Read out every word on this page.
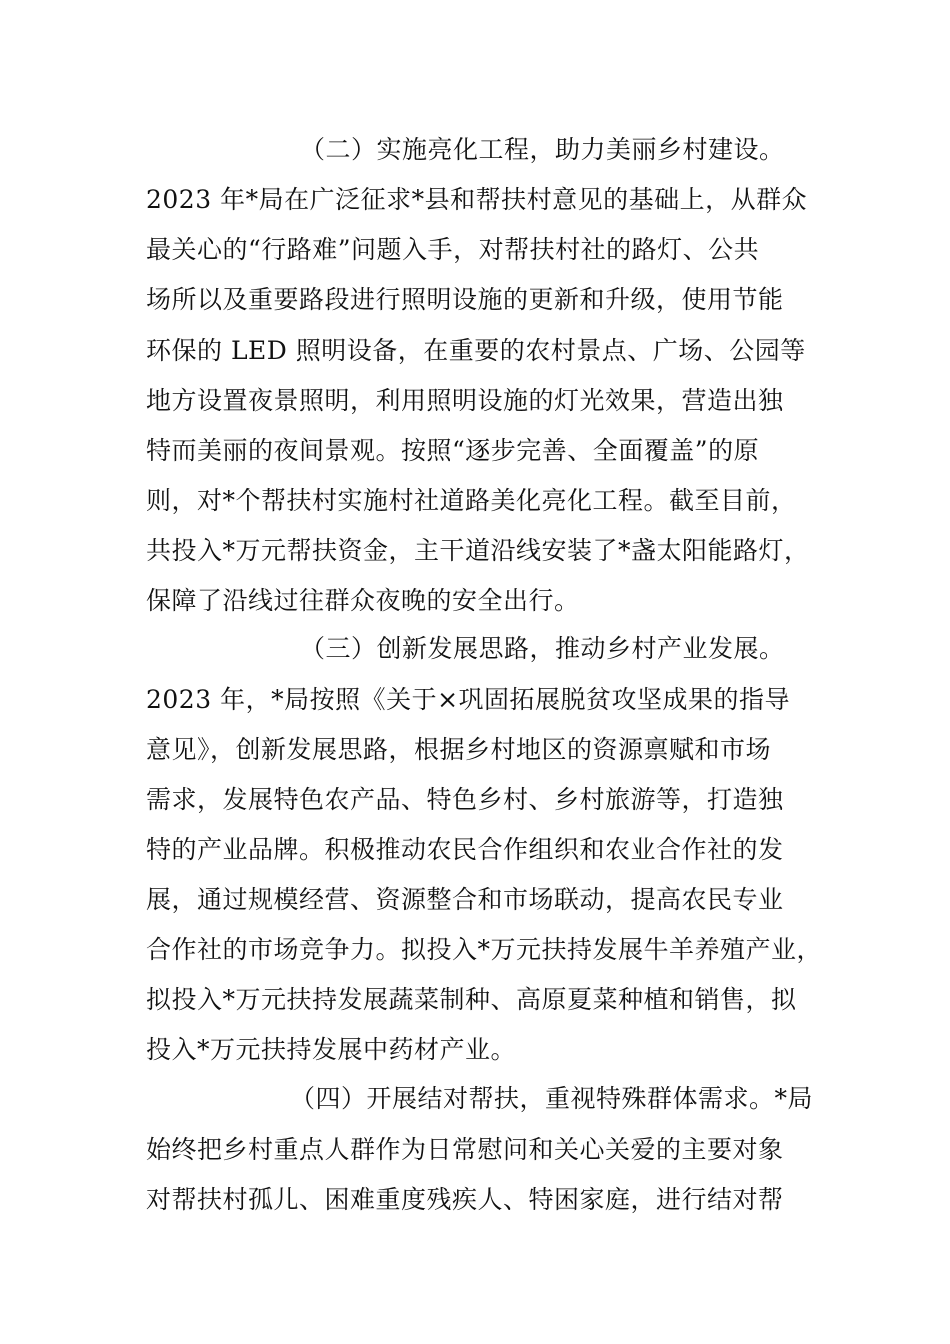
（二）实施亮化工程，助力美丽乡村建设。
2023 年*局在广泛征求*县和帮扶村意见的基础上，从群众
最关心的“行路难”问题入手，对帮扶村社的路灯、公共
场所以及重要路段进行照明设施的更新和升级，使用节能
环保的 LED 照明设备，在重要的农村景点、广场、公园等
地方设置夜景照明，利用照明设施的灯光效果，营造出独
特而美丽的夜间景观。按照“逐步完善、全面覆盖”的原
则，对*个帮扶村实施村社道路美化亮化工程。截至目前，
共投入*万元帮扶资金，主干道沿线安装了*盏太阳能路灯，
保障了沿线过往群众夜晚的安全出行。
（三）创新发展思路，推动乡村产业发展。
2023 年，*局按照《关于×巩固拓展脱贫攻坚成果的指导
意见》，创新发展思路，根据乡村地区的资源禀赋和市场
需求，发展特色农产品、特色乡村、乡村旅游等，打造独
特的产业品牌。积极推动农民合作组织和农业合作社的发
展，通过规模经营、资源整合和市场联动，提高农民专业
合作社的市场竞争力。拟投入*万元扶持发展牛羊养殖产业，
拟投入*万元扶持发展蔬菜制种、高原夏菜种植和销售，拟
投入*万元扶持发展中药材产业。
（四）开展结对帮扶，重视特殊群体需求。*局
始终把乡村重点人群作为日常慰问和关心关爱的主要对象
对帮扶村孤儿、困难重度残疾人、特困家庭，进行结对帮
